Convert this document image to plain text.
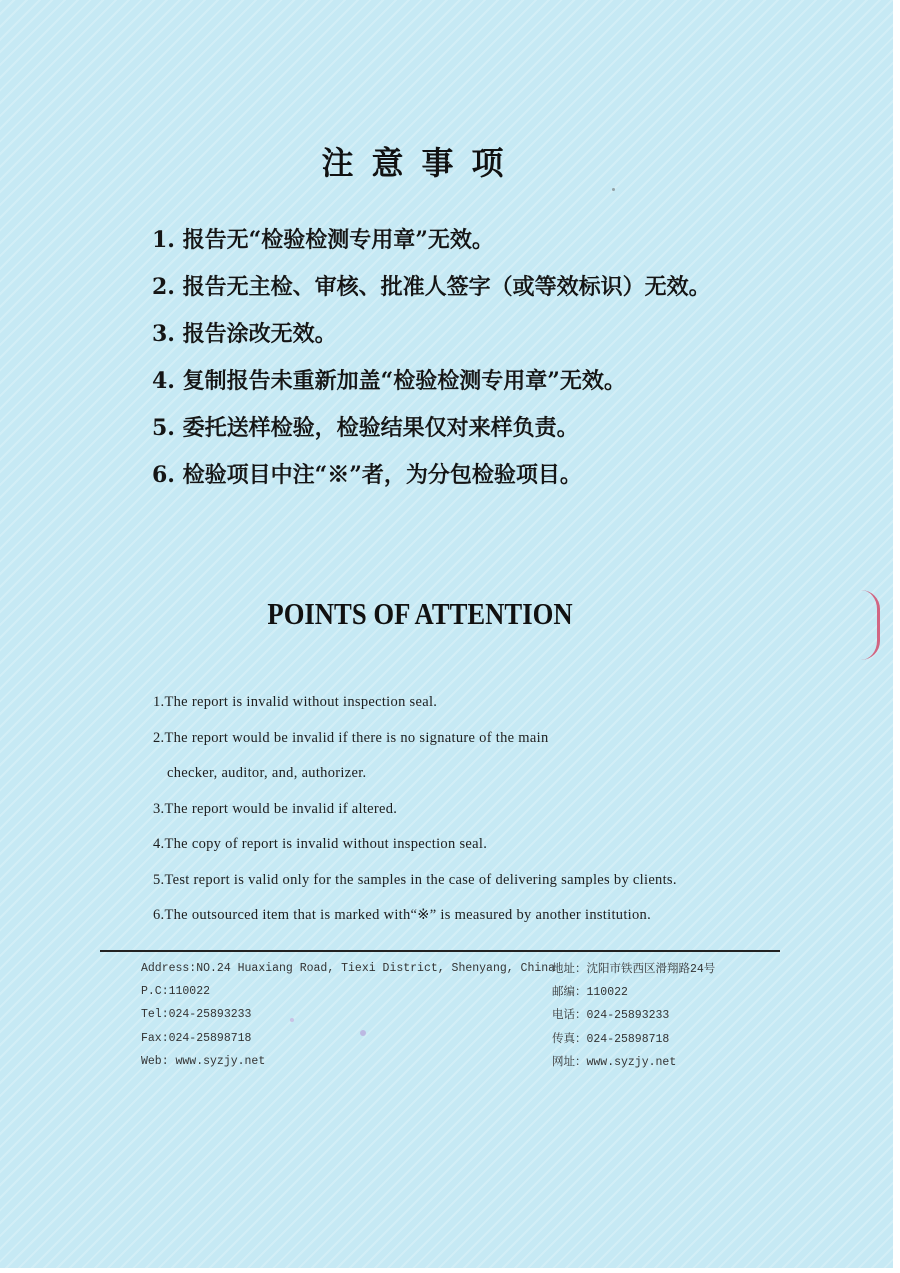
注意事项
1. 报告无“检验检测专用章”无效。
2. 报告无主检、审核、批准人签字（或等效标识）无效。
3. 报告涂改无效。
4. 复制报告未重新加盖“检验检测专用章”无效。
5. 委托送样检验，检验结果仅对来样负责。
6. 检验项目中注“※”者，为分包检验项目。
POINTS OF ATTENTION
1.The report is invalid without inspection seal.
2.The report would be invalid if there is no signature of the main
checker, auditor, and, authorizer.
3.The report would be invalid if altered.
4.The copy of report is invalid without inspection seal.
5.Test report is valid only for the samples in the case of delivering samples by clients.
6.The outsourced item that is marked with“※” is measured by another institution.
Address:NO.24 Huaxiang Road, Tiexi District, Shenyang, China
P.C:110022
Tel:024-25893233
Fax:024-25898718
Web: www.syzjy.net
地址：沈阳市铁西区滑翔路24号
邮编：110022
电话：024-25893233
传真：024-25898718
网址：www.syzjy.net
